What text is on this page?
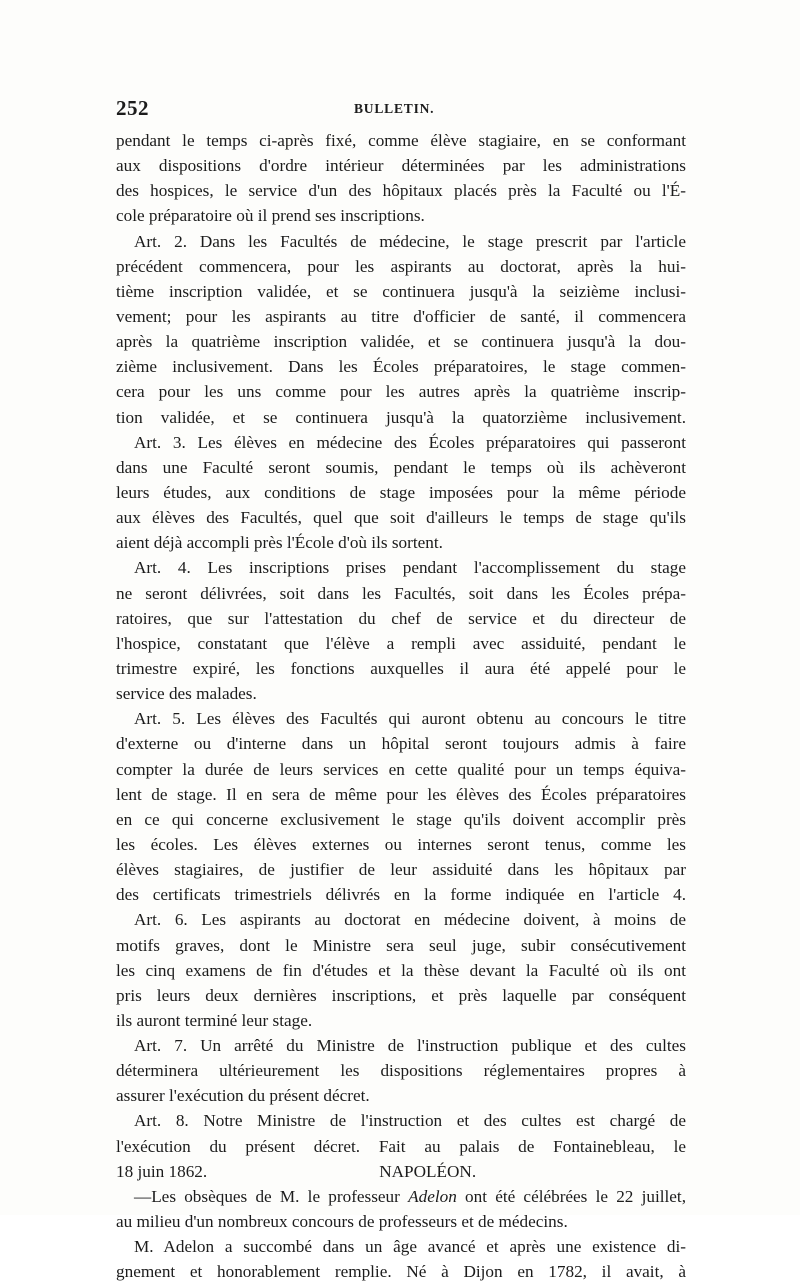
252	BULLETIN.
pendant le temps ci-après fixé, comme élève stagiaire, en se conformant
aux dispositions d'ordre intérieur déterminées par les administrations
des hospices, le service d'un des hôpitaux placés près la Faculté ou l'É-
cole préparatoire où il prend ses inscriptions.
Art. 2. Dans les Facultés de médecine, le stage prescrit par l'article
précédent commencera, pour les aspirants au doctorat, après la hui-
tième inscription validée, et se continuera jusqu'à la seizième inclusi-
vement; pour les aspirants au titre d'officier de santé, il commencera
après la quatrième inscription validée, et se continuera jusqu'à la dou-
zième inclusivement. Dans les Écoles préparatoires, le stage commen-
cera pour les uns comme pour les autres après la quatrième inscrip-
tion validée, et se continuera jusqu'à la quatorzième inclusivement.
Art. 3. Les élèves en médecine des Écoles préparatoires qui passeront
dans une Faculté seront soumis, pendant le temps où ils achèveront
leurs études, aux conditions de stage imposées pour la même période
aux élèves des Facultés, quel que soit d'ailleurs le temps de stage qu'ils
aient déjà accompli près l'École d'où ils sortent.
Art. 4. Les inscriptions prises pendant l'accomplissement du stage
ne seront délivrées, soit dans les Facultés, soit dans les Écoles prépa-
ratoires, que sur l'attestation du chef de service et du directeur de
l'hospice, constatant que l'élève a rempli avec assiduité, pendant le
trimestre expiré, les fonctions auxquelles il aura été appelé pour le
service des malades.
Art. 5. Les élèves des Facultés qui auront obtenu au concours le titre
d'externe ou d'interne dans un hôpital seront toujours admis à faire
compter la durée de leurs services en cette qualité pour un temps équiva-
lent de stage. Il en sera de même pour les élèves des Écoles préparatoires
en ce qui concerne exclusivement le stage qu'ils doivent accomplir près
les écoles. Les élèves externes ou internes seront tenus, comme les
élèves stagiaires, de justifier de leur assiduité dans les hôpitaux par
des certificats trimestriels délivrés en la forme indiquée en l'article 4.
Art. 6. Les aspirants au doctorat en médecine doivent, à moins de
motifs graves, dont le Ministre sera seul juge, subir consécutivement
les cinq examens de fin d'études et la thèse devant la Faculté où ils ont
pris leurs deux dernières inscriptions, et près laquelle par conséquent
ils auront terminé leur stage.
Art. 7. Un arrêté du Ministre de l'instruction publique et des cultes
déterminera ultérieurement les dispositions réglementaires propres à
assurer l'exécution du présent décret.
Art. 8. Notre Ministre de l'instruction et des cultes est chargé de
l'exécution du présent décret. Fait au palais de Fontainebleau, le
18 juin 1862.	NAPOLÉON.
—Les obsèques de M. le professeur Adelon ont été célébrées le 22 juillet,
au milieu d'un nombreux concours de professeurs et de médecins.
M. Adelon a succombé dans un âge avancé et après une existence di-
gnement et honorablement remplie. Né à Dijon en 1782, il avait, à
